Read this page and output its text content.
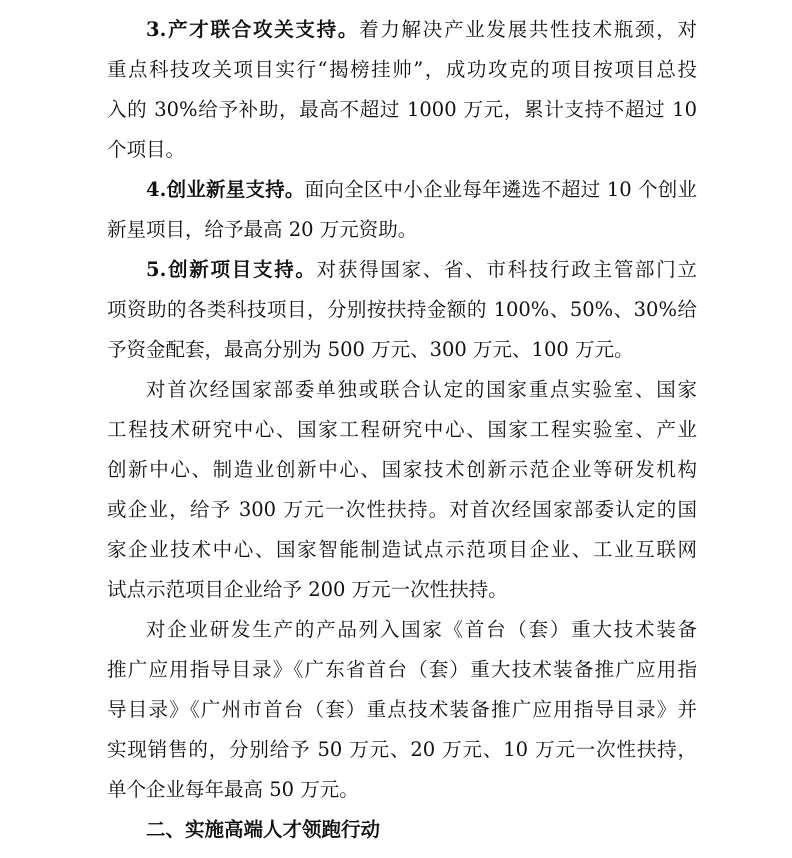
3.产才联合攻关支持。着力解决产业发展共性技术瓶颈，对
重点科技攻关项目实行“揭榜挂帅”，成功攻克的项目按项目总投
入的 30%给予补助，最高不超过 1000 万元，累计支持不超过 10
个项目。
4.创业新星支持。面向全区中小企业每年遴选不超过 10 个创业
新星项目，给予最高 20 万元资助。
5.创新项目支持。对获得国家、省、市科技行政主管部门立
项资助的各类科技项目，分别按扶持金额的 100%、50%、30%给
予资金配套，最高分别为 500 万元、300 万元、100 万元。
对首次经国家部委单独或联合认定的国家重点实验室、国家
工程技术研究中心、国家工程研究中心、国家工程实验室、产业
创新中心、制造业创新中心、国家技术创新示范企业等研发机构
或企业，给予 300 万元一次性扶持。对首次经国家部委认定的国
家企业技术中心、国家智能制造试点示范项目企业、工业互联网
试点示范项目企业给予 200 万元一次性扶持。
对企业研发生产的产品列入国家《首台（套）重大技术装备
推广应用指导目录》《广东省首台（套）重大技术装备推广应用指
导目录》《广州市首台（套）重点技术装备推广应用指导目录》并
实现销售的，分别给予 50 万元、20 万元、10 万元一次性扶持，
单个企业每年最高 50 万元。
二、实施高端人才领跑行动
